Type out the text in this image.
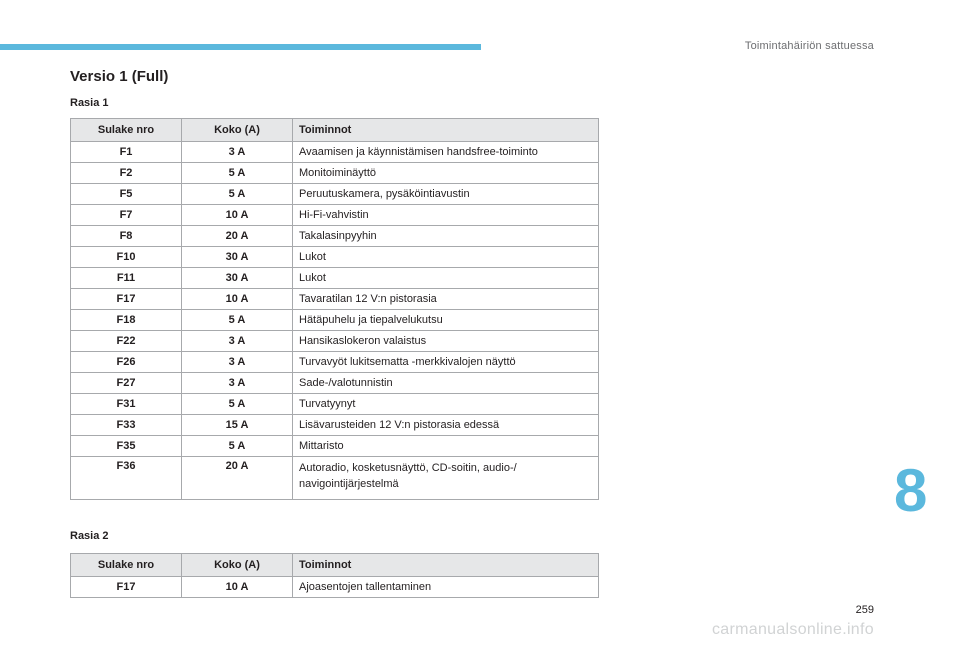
Toimintahäiriön sattuessa
Versio 1 (Full)
Rasia 1
Sulake nro	Koko (A)	Toiminnot
F1	3 A	Avaamisen ja käynnistämisen handsfree-toiminto
F2	5 A	Monitoiminäyttö
F5	5 A	Peruutuskamera, pysäköintiavustin
F7	10 A	Hi-Fi-vahvistin
F8	20 A	Takalasinpyyhin
F10	30 A	Lukot
F11	30 A	Lukot
F17	10 A	Tavaratilan 12 V:n pistorasia
F18	5 A	Hätäpuhelu ja tiepalvelukutsu
F22	3 A	Hansikaslokeron valaistus
F26	3 A	Turvavyöt lukitsematta -merkkivalojen näyttö
F27	3 A	Sade-/valotunnistin
F31	5 A	Turvatyynyt
F33	15 A	Lisävarusteiden 12 V:n pistorasia edessä
F35	5 A	Mittaristo
F36	20 A	Autoradio, kosketusnäyttö, CD-soitin, audio-/ navigointijärjestelmä
Rasia 2
Sulake nro	Koko (A)	Toiminnot
F17	10 A	Ajoasentojen tallentaminen
8
259
carmanualsonline.info
